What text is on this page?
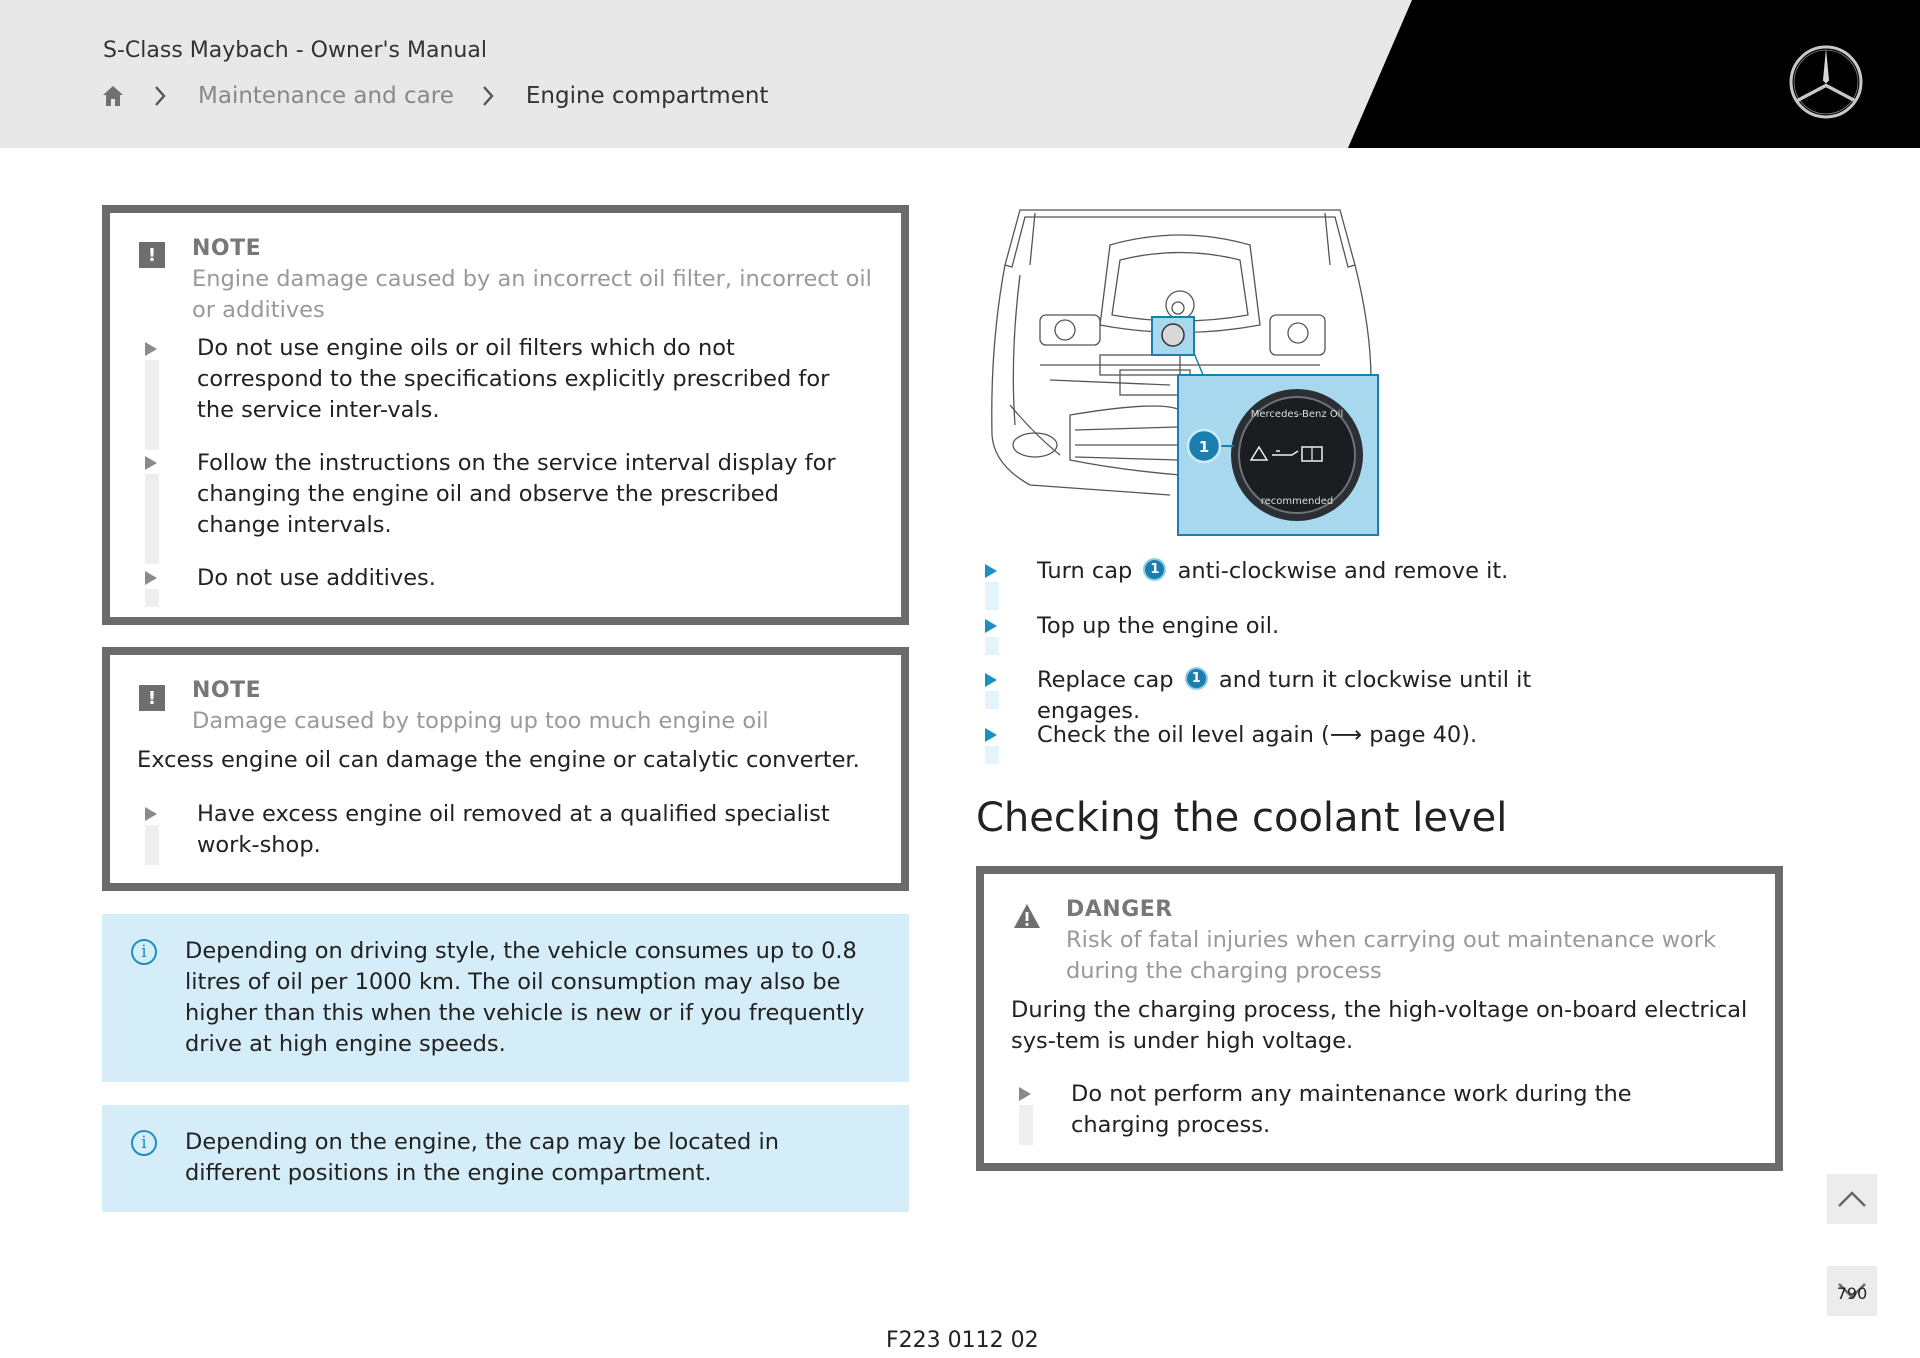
S-Class Maybach - Owner's Manual
Maintenance and care	Engine compartment
!	NOTE
Engine damage caused by an incorrect oil filter, incorrect oil or additives
Do not use engine oils or oil filters which do not correspond to the specifications explicitly prescribed for the service inter-vals.
Follow the instructions on the service interval display for changing the engine oil and observe the prescribed change intervals.
Do not use additives.
!	NOTE
Damage caused by topping up too much engine oil
Excess engine oil can damage the engine or catalytic converter.
Have excess engine oil removed at a qualified specialist work-shop.
i	Depending on driving style, the vehicle consumes up to 0.8 litres of oil per 1000 km. The oil consumption may also be higher than this when the vehicle is new or if you frequently drive at high engine speeds.
i	Depending on the engine, the cap may be located in different positions in the engine compartment.
Mercedes-Benz Oil
recommended
1
Turn cap 1 anti-clockwise and remove it.
Top up the engine oil.
Replace cap 1 and turn it clockwise until it engages.
Check the oil level again (⟶ page 40).
Checking the coolant level
DANGER
Risk of fatal injuries when carrying out maintenance work during the charging process
During the charging process, the high-voltage on-board electrical sys-tem is under high voltage.
Do not perform any maintenance work during the charging process.
790
F223 0112 02
